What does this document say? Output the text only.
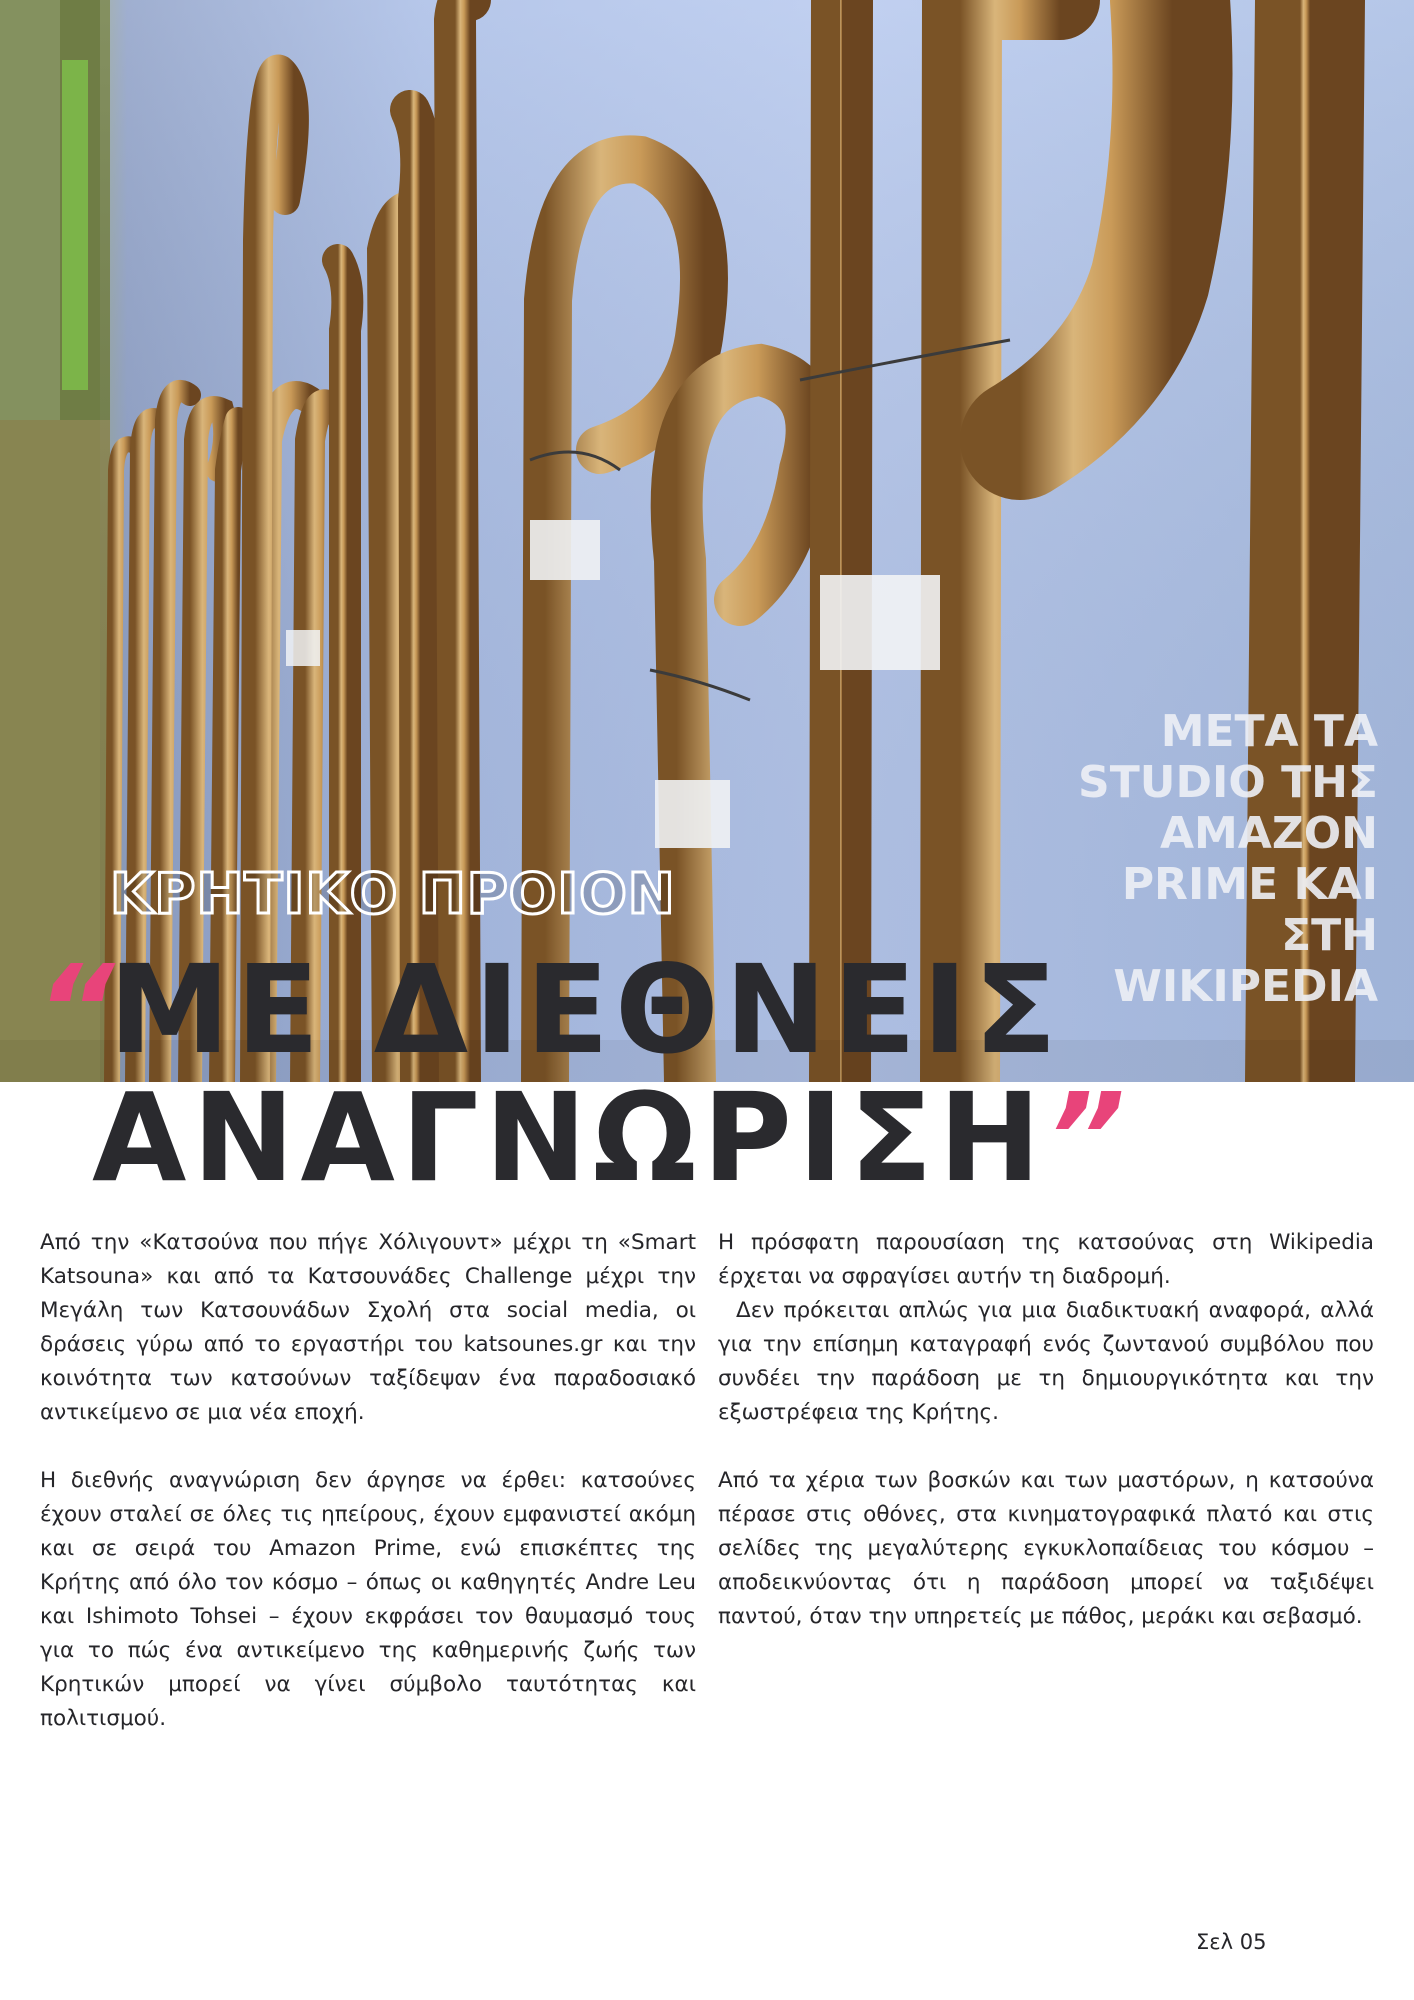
ΚΡΗΤΙΚΟ ΠΡΟΙΟΝ
ΜΕΤΑ ΤΑ STUDIO ΤΗΣ AMAZON PRIME ΚΑΙ ΣΤΗ WIKIPEDIA
“ΜΕ ΔΙΕΘΝΕΙΣ
ΑΝΑΓΝΩΡΙΣΗ”

Από την «Κατσούνα που πήγε Χόλιγουντ» μέχρι τη «Smart Katsouna» και από τα Κατσουνάδες Challenge μέχρι την Μεγάλη των Κατσουνάδων Σχολή στα social media, οι δράσεις γύρω από το εργαστήρι του katsounes.gr και την κοινότητα των κατσούνων ταξίδεψαν ένα παραδοσιακό αντικείμενο σε μια νέα εποχή.

Η διεθνής αναγνώριση δεν άργησε να έρθει: κατσούνες έχουν σταλεί σε όλες τις ηπείρους, έχουν εμφανιστεί ακόμη και σε σειρά του Amazon Prime, ενώ επισκέπτες της Κρήτης από όλο τον κόσμο – όπως οι καθηγητές Andre Leu και Ishimoto Tohsei – έχουν εκφράσει τον θαυμασμό τους για το πώς ένα αντικείμενο της καθημερινής ζωής των Κρητικών μπορεί να γίνει σύμβολο ταυτότητας και πολιτισμού.

Η πρόσφατη παρουσίαση της κατσούνας στη Wikipedia έρχεται να σφραγίσει αυτήν τη διαδρομή.

Δεν πρόκειται απλώς για μια διαδικτυακή αναφορά, αλλά για την επίσημη καταγραφή ενός ζωντανού συμβόλου που συνδέει την παράδοση με τη δημιουργικότητα και την εξωστρέφεια της Κρήτης.

Από τα χέρια των βοσκών και των μαστόρων, η κατσούνα πέρασε στις οθόνες, στα κινηματογραφικά πλατό και στις σελίδες της μεγαλύτερης εγκυκλοπαίδειας του κόσμου – αποδεικνύοντας ότι η παράδοση μπορεί να ταξιδέψει παντού, όταν την υπηρετείς με πάθος, μεράκι και σεβασμό.

Σελ 05
